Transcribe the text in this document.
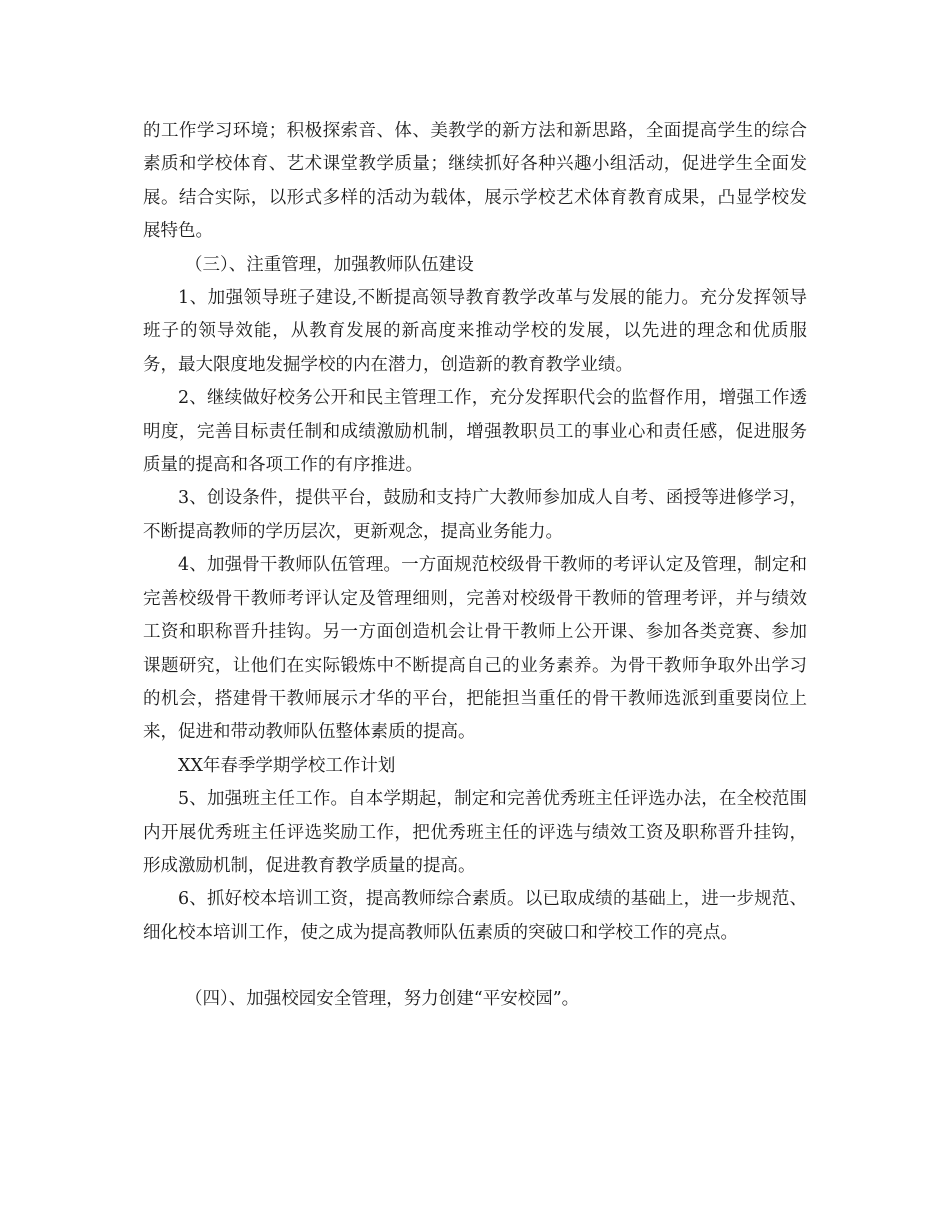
的工作学习环境；积极探索音、体、美教学的新方法和新思路，全面提高学生的综合素质和学校体育、艺术课堂教学质量；继续抓好各种兴趣小组活动，促进学生全面发展。结合实际，以形式多样的活动为载体，展示学校艺术体育教育成果，凸显学校发展特色。

（三）、注重管理，加强教师队伍建设

1、加强领导班子建设,不断提高领导教育教学改革与发展的能力。充分发挥领导班子的领导效能，从教育发展的新高度来推动学校的发展，以先进的理念和优质服务，最大限度地发掘学校的内在潜力，创造新的教育教学业绩。

2、继续做好校务公开和民主管理工作，充分发挥职代会的监督作用，增强工作透明度，完善目标责任制和成绩激励机制，增强教职员工的事业心和责任感，促进服务质量的提高和各项工作的有序推进。

3、创设条件，提供平台，鼓励和支持广大教师参加成人自考、函授等进修学习，不断提高教师的学历层次，更新观念，提高业务能力。

4、加强骨干教师队伍管理。一方面规范校级骨干教师的考评认定及管理，制定和完善校级骨干教师考评认定及管理细则，完善对校级骨干教师的管理考评，并与绩效工资和职称晋升挂钩。另一方面创造机会让骨干教师上公开课、参加各类竞赛、参加课题研究，让他们在实际锻炼中不断提高自己的业务素养。为骨干教师争取外出学习的机会，搭建骨干教师展示才华的平台，把能担当重任的骨干教师选派到重要岗位上来，促进和带动教师队伍整体素质的提高。

XX年春季学期学校工作计划

5、加强班主任工作。自本学期起，制定和完善优秀班主任评选办法，在全校范围内开展优秀班主任评选奖励工作，把优秀班主任的评选与绩效工资及职称晋升挂钩，形成激励机制，促进教育教学质量的提高。

6、抓好校本培训工资，提高教师综合素质。以已取成绩的基础上，进一步规范、细化校本培训工作，使之成为提高教师队伍素质的突破口和学校工作的亮点。

（四）、加强校园安全管理，努力创建“平安校园”。
